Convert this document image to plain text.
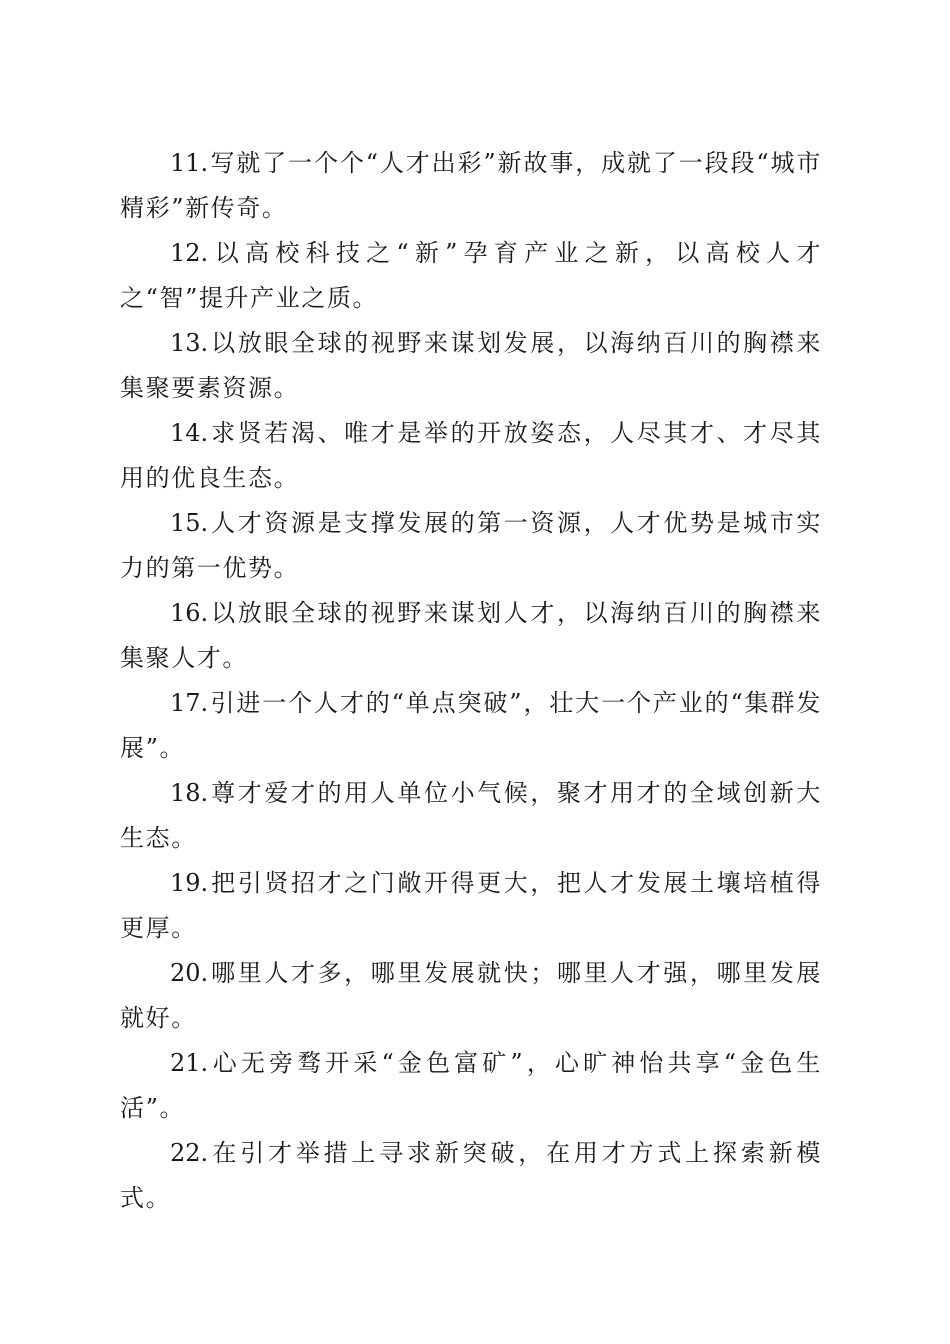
11.写就了一个个“人才出彩”新故事，成就了一段段“城市精彩”新传奇。

12.以高校科技之“新”孕育产业之新，以高校人才之“智”提升产业之质。

13.以放眼全球的视野来谋划发展，以海纳百川的胸襟来集聚要素资源。

14.求贤若渴、唯才是举的开放姿态，人尽其才、才尽其用的优良生态。

15.人才资源是支撑发展的第一资源，人才优势是城市实力的第一优势。

16.以放眼全球的视野来谋划人才，以海纳百川的胸襟来集聚人才。

17.引进一个人才的“单点突破”，壮大一个产业的“集群发展”。

18.尊才爱才的用人单位小气候，聚才用才的全域创新大生态。

19.把引贤招才之门敞开得更大，把人才发展土壤培植得更厚。

20.哪里人才多，哪里发展就快；哪里人才强，哪里发展就好。

21.心无旁骛开采“金色富矿”，心旷神怡共享“金色生活”。

22.在引才举措上寻求新突破，在用才方式上探索新模式。
